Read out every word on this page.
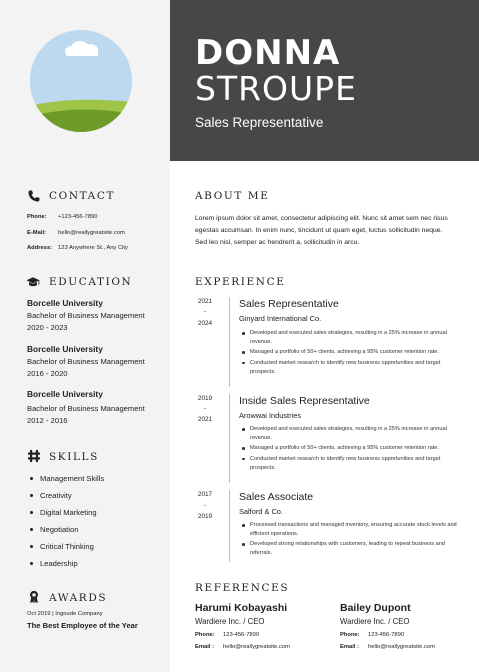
DONNA
STROUPE
Sales Representative
CONTACT
Phone: +123-456-7890
E-Mail: hello@reallygreatsite.com
Address: 123 Anywhere St., Any City
EDUCATION
Borcelle University
Bachelor of Business Management
2020 - 2023
Borcelle University
Bachelor of Business Management
2016 - 2020
Borcelle University
Bachelor of Business Management
2012 - 2016
SKILLS
Management Skills
Creativity
Digital Marketing
Negotiation
Critical Thinking
Leadership
AWARDS
Oct 2019 | Ingoude Company
The Best Employee of the Year
ABOUT ME
Lorem ipsum dolor sit amet, consectetur adipiscing elit. Nunc sit amet sem nec risus egestas accumsan. In enim nunc, tincidunt ut quam eget, luctus sollicitudin neque. Sed leo nisl, semper ac hendrerit a, sollicitudin in arcu.
EXPERIENCE
2021
-
2024
Sales Representative
Ginyard International Co.
Developed and executed sales strategies, resulting in a 25% increase in annual revenue.
Managed a portfolio of 50+ clients, achieving a 95% customer retention rate.
Conducted market research to identify new business opportunities and target prospects.
2019
-
2021
Inside Sales Representative
Arowwai Industries
Developed and executed sales strategies, resulting in a 25% increase in annual revenue.
Managed a portfolio of 50+ clients, achieving a 95% customer retention rate.
Conducted market research to identify new business opportunities and target prospects.
2017
-
2019
Sales Associate
Salford & Co.
Processed transactions and managed inventory, ensuring accurate stock levels and efficient operations.
Developed strong relationships with customers, leading to repeat business and referrals.
REFERENCES
Harumi Kobayashi
Wardiere Inc. / CEO
Phone: 123-456-7890
Email : hello@reallygreatsite.com
Bailey Dupont
Wardiere Inc. / CEO
Phone: 123-456-7890
Email : hello@reallygreatsite.com
